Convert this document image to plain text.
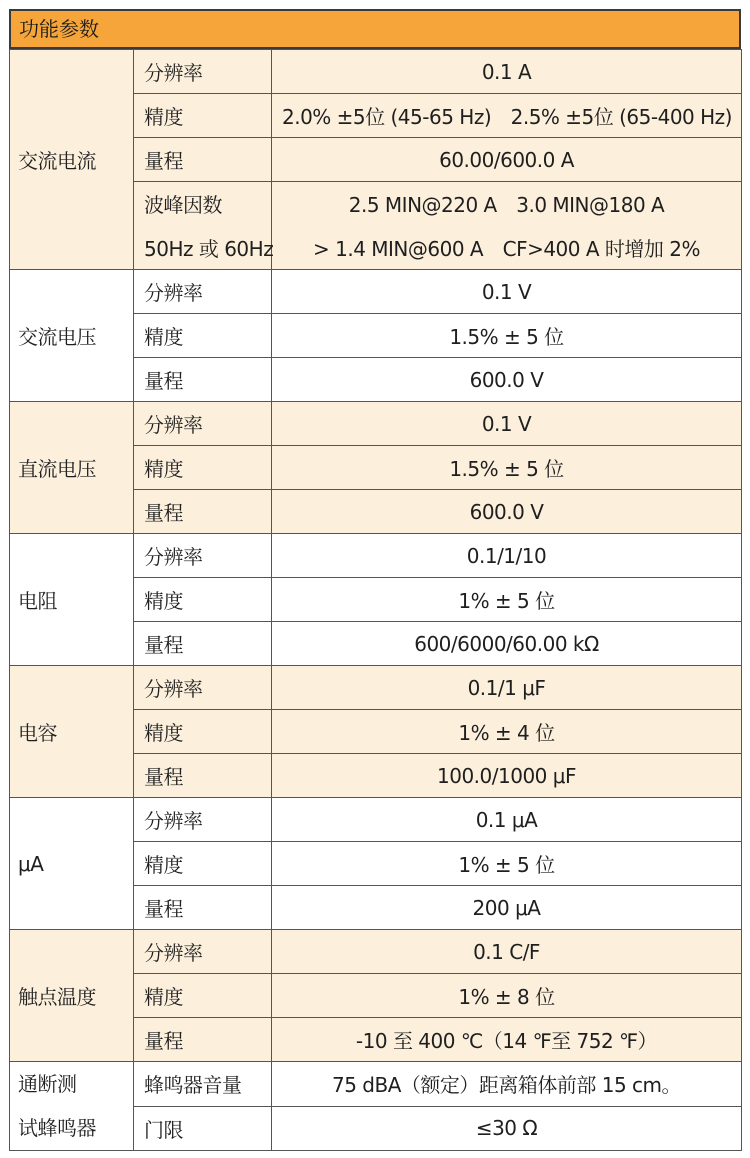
功能参数
交流电流	分辨率	0.1 A
	精度	2.0% ±5位 (45-65 Hz)　2.5% ±5位 (65-400 Hz)
	量程	60.00/600.0 A
	波峰因数	2.5 MIN@220 A　3.0 MIN@180 A
	50Hz 或 60Hz	> 1.4 MIN@600 A　CF>400 A 时增加 2%
交流电压	分辨率	0.1 V
	精度	1.5% ± 5 位
	量程	600.0 V
直流电压	分辨率	0.1 V
	精度	1.5% ± 5 位
	量程	600.0 V
电阻	分辨率	0.1/1/10
	精度	1% ± 5 位
	量程	600/6000/60.00 kΩ
电容	分辨率	0.1/1 μF
	精度	1% ± 4 位
	量程	100.0/1000 μF
μA	分辨率	0.1 μA
	精度	1% ± 5 位
	量程	200 μA
触点温度	分辨率	0.1 C/F
	精度	1% ± 8 位
	量程	-10 至 400 ℃（14 ℉至 752 ℉）

通断测
试蜂鸣器	蜂鸣器音量	75 dBA（额定）距离箱体前部 15 cm。
	门限	≤30 Ω
